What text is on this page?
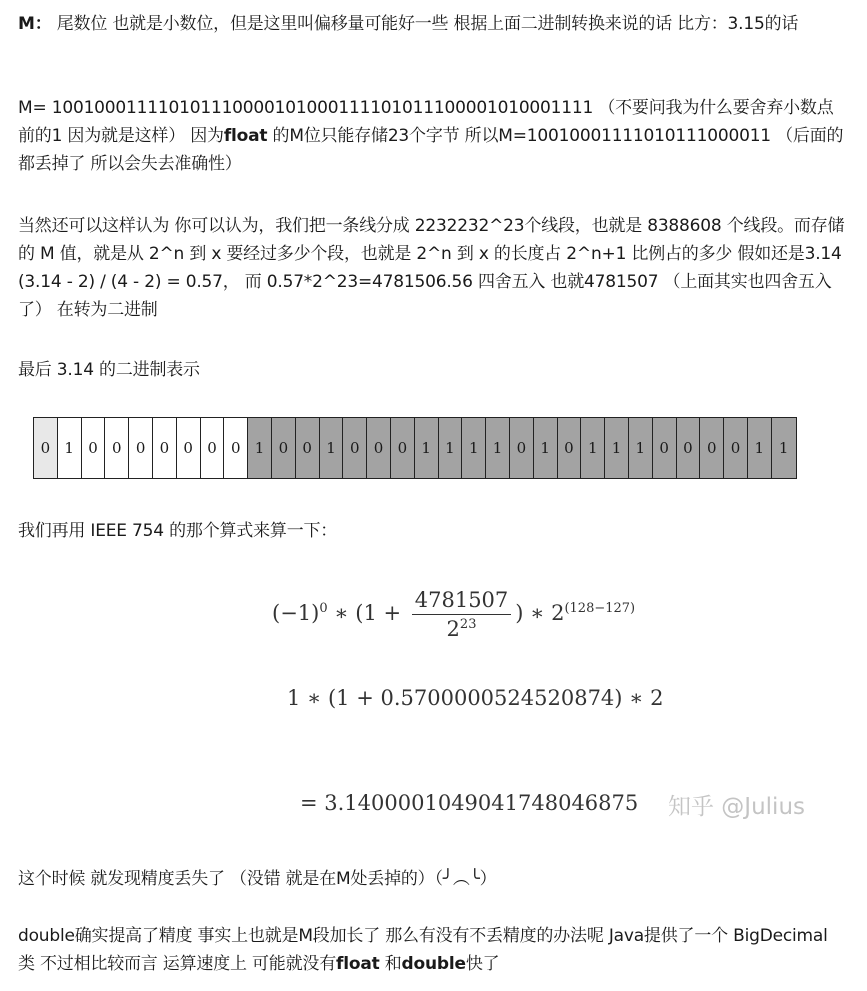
M： 尾数位 也就是小数位，但是这里叫偏移量可能好一些 根据上面二进制转换来说的话 比方：3.15的话

M= 100100011110101110000101000111101011100001010001111 （不要问我为什么要舍弃小数点前的1 因为就是这样） 因为float 的M位只能存储23个字节 所以M=10010001111010111000011 （后面的都丢掉了 所以会失去准确性）

当然还可以这样认为 你可以认为，我们把一条线分成 2232232^23个线段，也就是 8388608 个线段。而存储的 M 值，就是从 2^n 到 x 要经过多少个段，也就是 2^n 到 x 的长度占 2^n+1 比例占的多少 假如还是3.14 (3.14 - 2) / (4 - 2) = 0.57， 而 0.57*2^23=4781506.56 四舍五入 也就4781507 （上面其实也四舍五入了） 在转为二进制

最后 3.14 的二进制表示

0 1 0 0 0 0 0 0 0 1 0 0 1 0 0 0 1 1 1 1 0 1 0 1 1 1 0 0 0 0 1 1

我们再用 IEEE 754 的那个算式来算一下：

$(-1)^0$ ∗ ($1 + \frac{4781507}{2^{23}}$ ) ∗ $2^{(128-127)}$
1 ∗ (1 + 0.5700000524520874) ∗ 2
= 3.1400001049041748046875 知乎 @Julius

这个时候 就发现精度丢失了 （没错 就是在M处丢掉的）（╯︵╰）

double确实提高了精度 事实上也就是M段加长了 那么有没有不丢精度的办法呢 Java提供了一个 BigDecimal 类 不过相比较而言 运算速度上 可能就没有float 和double快了
